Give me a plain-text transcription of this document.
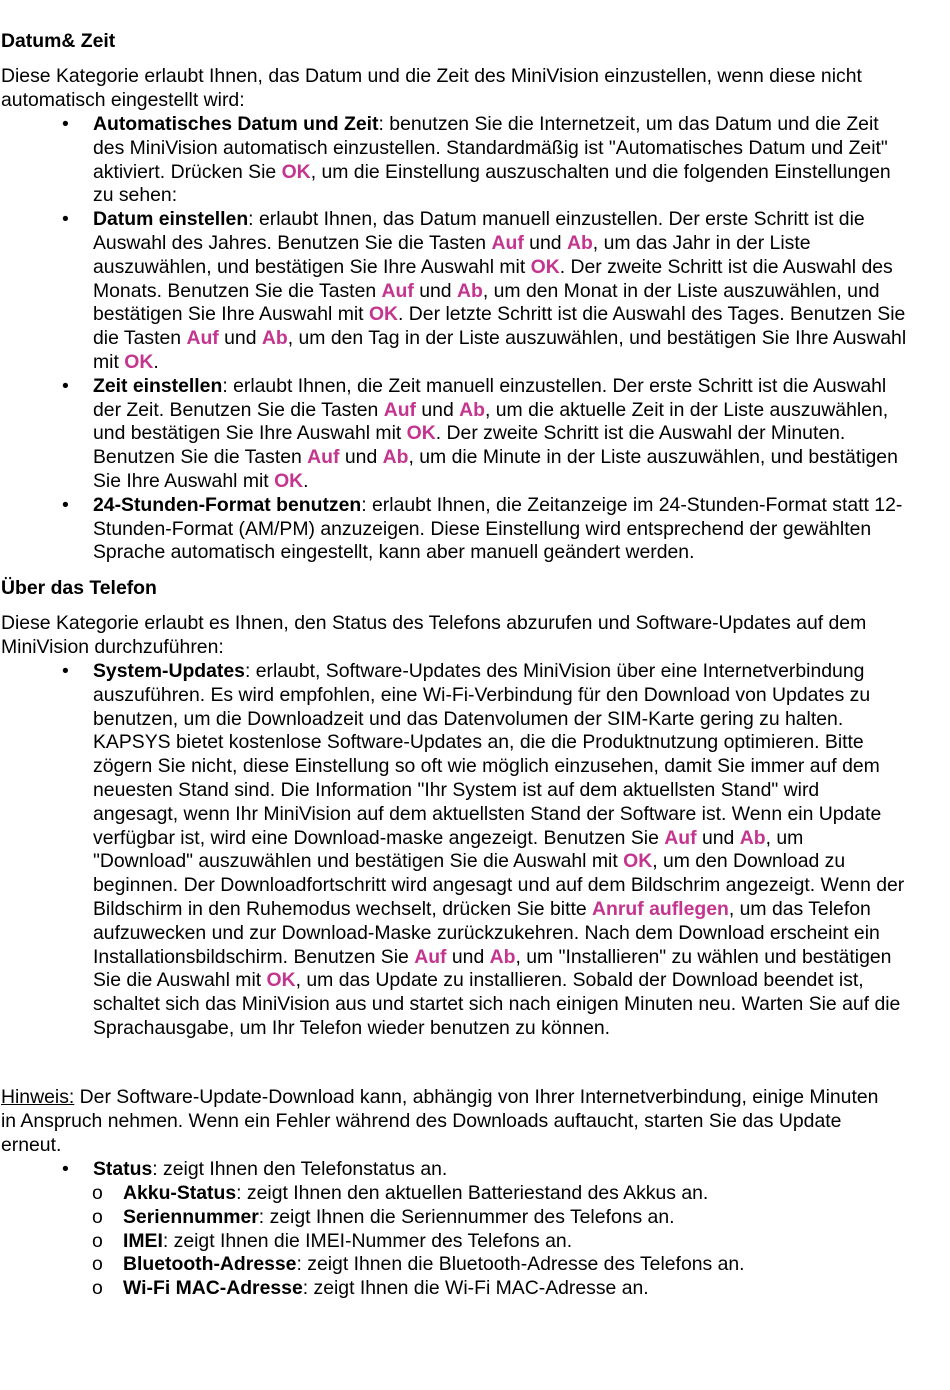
Datum& Zeit
Diese Kategorie erlaubt Ihnen, das Datum und die Zeit des MiniVision einzustellen, wenn diese nicht automatisch eingestellt wird:
• Automatisches Datum und Zeit: benutzen Sie die Internetzeit, um das Datum und die Zeit des MiniVision automatisch einzustellen. Standardmäßig ist "Automatisches Datum und Zeit" aktiviert. Drücken Sie OK, um die Einstellung auszuschalten und die folgenden Einstellungen zu sehen:
• Datum einstellen: erlaubt Ihnen, das Datum manuell einzustellen. Der erste Schritt ist die Auswahl des Jahres. Benutzen Sie die Tasten Auf und Ab, um das Jahr in der Liste auszuwählen, und bestätigen Sie Ihre Auswahl mit OK. Der zweite Schritt ist die Auswahl des Monats. Benutzen Sie die Tasten Auf und Ab, um den Monat in der Liste auszuwählen, und bestätigen Sie Ihre Auswahl mit OK. Der letzte Schritt ist die Auswahl des Tages. Benutzen Sie die Tasten Auf und Ab, um den Tag in der Liste auszuwählen, und bestätigen Sie Ihre Auswahl mit OK.
• Zeit einstellen: erlaubt Ihnen, die Zeit manuell einzustellen. Der erste Schritt ist die Auswahl der Zeit. Benutzen Sie die Tasten Auf und Ab, um die aktuelle Zeit in der Liste auszuwählen, und bestätigen Sie Ihre Auswahl mit OK. Der zweite Schritt ist die Auswahl der Minuten. Benutzen Sie die Tasten Auf und Ab, um die Minute in der Liste auszuwählen, und bestätigen Sie Ihre Auswahl mit OK.
• 24-Stunden-Format benutzen: erlaubt Ihnen, die Zeitanzeige im 24-Stunden-Format statt 12-Stunden-Format (AM/PM) anzuzeigen. Diese Einstellung wird entsprechend der gewählten Sprache automatisch eingestellt, kann aber manuell geändert werden.
Über das Telefon
Diese Kategorie erlaubt es Ihnen, den Status des Telefons abzurufen und Software-Updates auf dem MiniVision durchzuführen:
• System-Updates: erlaubt, Software-Updates des MiniVision über eine Internetverbindung auszuführen. Es wird empfohlen, eine Wi-Fi-Verbindung für den Download von Updates zu benutzen, um die Downloadzeit und das Datenvolumen der SIM-Karte gering zu halten. KAPSYS bietet kostenlose Software-Updates an, die die Produktnutzung optimieren. Bitte zögern Sie nicht, diese Einstellung so oft wie möglich einzusehen, damit Sie immer auf dem neuesten Stand sind. Die Information "Ihr System ist auf dem aktuellsten Stand" wird angesagt, wenn Ihr MiniVision auf dem aktuellsten Stand der Software ist. Wenn ein Update verfügbar ist, wird eine Download-maske angezeigt. Benutzen Sie Auf und Ab, um "Download" auszuwählen und bestätigen Sie die Auswahl mit OK, um den Download zu beginnen. Der Downloadfortschritt wird angesagt und auf dem Bildschrim angezeigt. Wenn der Bildschirm in den Ruhemodus wechselt, drücken Sie bitte Anruf auflegen, um das Telefon aufzuwecken und zur Download-Maske zurückzukehren. Nach dem Download erscheint ein Installationsbildschirm. Benutzen Sie Auf und Ab, um "Installieren" zu wählen und bestätigen Sie die Auswahl mit OK, um das Update zu installieren. Sobald der Download beendet ist, schaltet sich das MiniVision aus und startet sich nach einigen Minuten neu. Warten Sie auf die Sprachausgabe, um Ihr Telefon wieder benutzen zu können.
Hinweis: Der Software-Update-Download kann, abhängig von Ihrer Internetverbindung, einige Minuten in Anspruch nehmen. Wenn ein Fehler während des Downloads auftaucht, starten Sie das Update erneut.
• Status: zeigt Ihnen den Telefonstatus an.
o Akku-Status: zeigt Ihnen den aktuellen Batteriestand des Akkus an.
o Seriennummer: zeigt Ihnen die Seriennummer des Telefons an.
o IMEI: zeigt Ihnen die IMEI-Nummer des Telefons an.
o Bluetooth-Adresse: zeigt Ihnen die Bluetooth-Adresse des Telefons an.
o Wi-Fi MAC-Adresse: zeigt Ihnen die Wi-Fi MAC-Adresse an.
